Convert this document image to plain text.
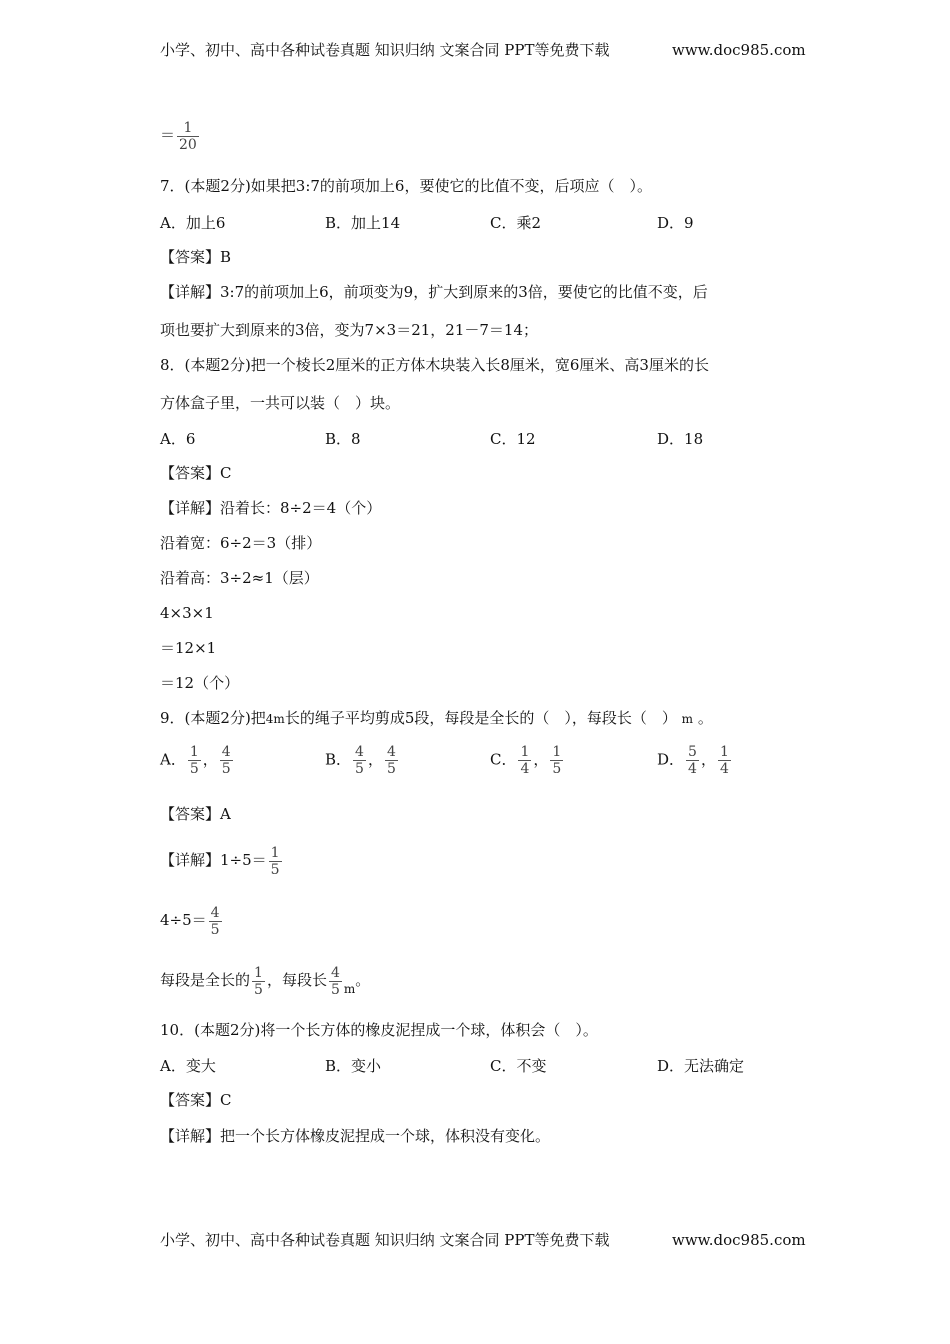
小学、初中、高中各种试卷真题 知识归纳 文案合同 PPT等免费下载	www.doc985.com
＝ $\frac{1}{20}$
7．(本题2分)如果把3:7的前项加上6，要使它的比值不变，后项应（　）。
A．加上6	B．加上14	C．乘2	D．9
【答案】B
【详解】3:7的前项加上6，前项变为9，扩大到原来的3倍，要使它的比值不变，后
项也要扩大到原来的3倍，变为7×3＝21，21－7＝14；
8．(本题2分)把一个棱长2厘米的正方体木块装入长8厘米，宽6厘米、高3厘米的长
方体盒子里，一共可以装（　）块。
A．6	B．8	C．12	D．18
【答案】C
【详解】沿着长：8÷2＝4（个）
沿着宽：6÷2＝3（排）
沿着高：3÷2≈1（层）
4×3×1
＝12×1
＝12（个）
9．(本题2分)把4m长的绳子平均剪成5段，每段是全长的（　），每段长（　） m 。
A． $\frac{1}{5}$ ， $\frac{4}{5}$	B． $\frac{4}{5}$ ， $\frac{4}{5}$	C． $\frac{1}{4}$ ， $\frac{1}{5}$	D． $\frac{5}{4}$ ， $\frac{1}{4}$
【答案】A
【详解】$1\div 5= \frac{1}{5}$
$4\div 5= \frac{4}{5}$
每段是全长的 $\frac{1}{5}$ ，每段长 $\frac{4}{5} _m$。
10．(本题2分)将一个长方体的橡皮泥捏成一个球，体积会（　）。
A．变大	B．变小	C．不变	D．无法确定
【答案】C
【详解】把一个长方体橡皮泥捏成一个球，体积没有变化。
小学、初中、高中各种试卷真题 知识归纳 文案合同 PPT等免费下载	www.doc985.com
